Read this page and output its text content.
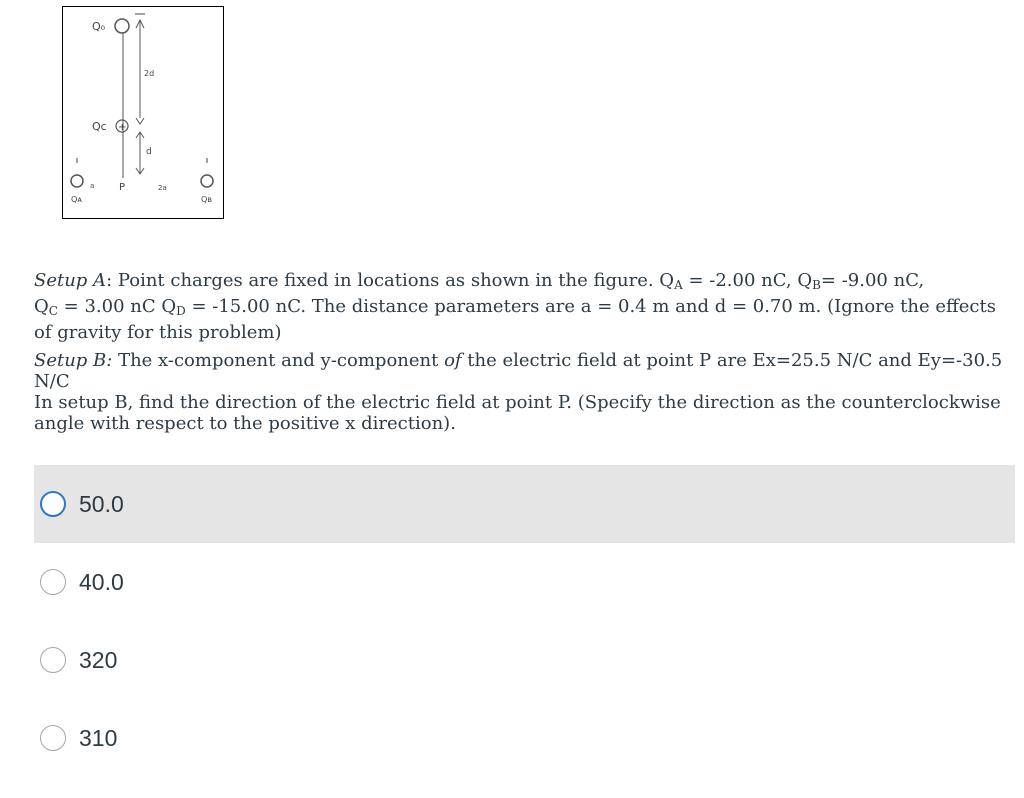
Q₀
+
Qᴄ
Qᴀ	Qʙ
2d
d
a P	2a

Setup A: Point charges are fixed in locations as shown in the figure. $Q_A = -2.00$ nC, $Q_B= -9.00$ nC,
$Q_C = 3.00$ nC $Q_D = -15.00$ nC. The distance parameters are a = 0.4 m and d = 0.70 m. (Ignore the effects of gravity for this problem)

Setup B: The x-component and y-component of the electric field at point P are Ex=25.5 N/C and Ey=-30.5 N/C

In setup B, find the direction of the electric field at point P. (Specify the direction as the counterclockwise angle with respect to the positive x direction).

50.0
40.0
320
310
